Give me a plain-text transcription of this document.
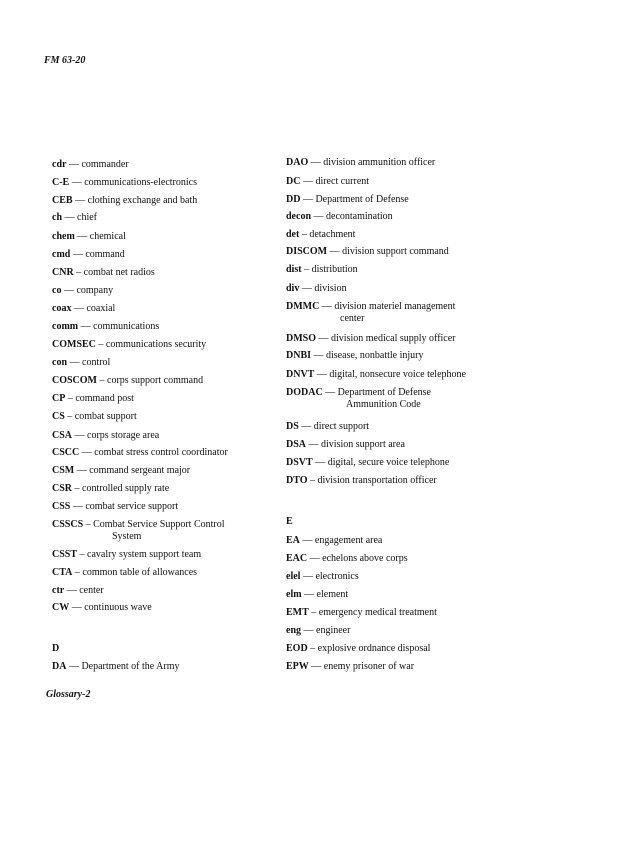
FM 63-20
cdr — commander
C-E — communications-electronics
CEB — clothing exchange and bath
ch — chief
chem — chemical
cmd — command
CNR – combat net radios
co — company
coax — coaxial
comm — communications
COMSEC – communications security
con — control
COSCOM – corps support command
CP – command post
CS – combat support
CSA — corps storage area
CSCC — combat stress control coordinator
CSM — command sergeant major
CSR – controlled supply rate
CSS — combat service support
CSSCS – Combat Service Support Control
System
CSST – cavalry system support team
CTA – common table of allowances
ctr — center
CW — continuous wave
D
DA — Department of the Army
DAO — division ammunition officer
DC — direct current
DD — Department of Defense
decon — decontamination
det – detachment
DISCOM — division support command
dist – distribution
div — division
DMMC — division materiel management
center
DMSO — division medical supply officer
DNBI — disease, nonbattle injury
DNVT — digital, nonsecure voice telephone
DODAC — Department of Defense
Ammunition Code
DS — direct support
DSA — division support area
DSVT — digital, secure voice telephone
DTO – division transportation officer
E
EA — engagement area
EAC — echelons above corps
elel — electronics
elm — element
EMT – emergency medical treatment
eng — engineer
EOD – explosive ordnance disposal
EPW — enemy prisoner of war
Glossary-2
